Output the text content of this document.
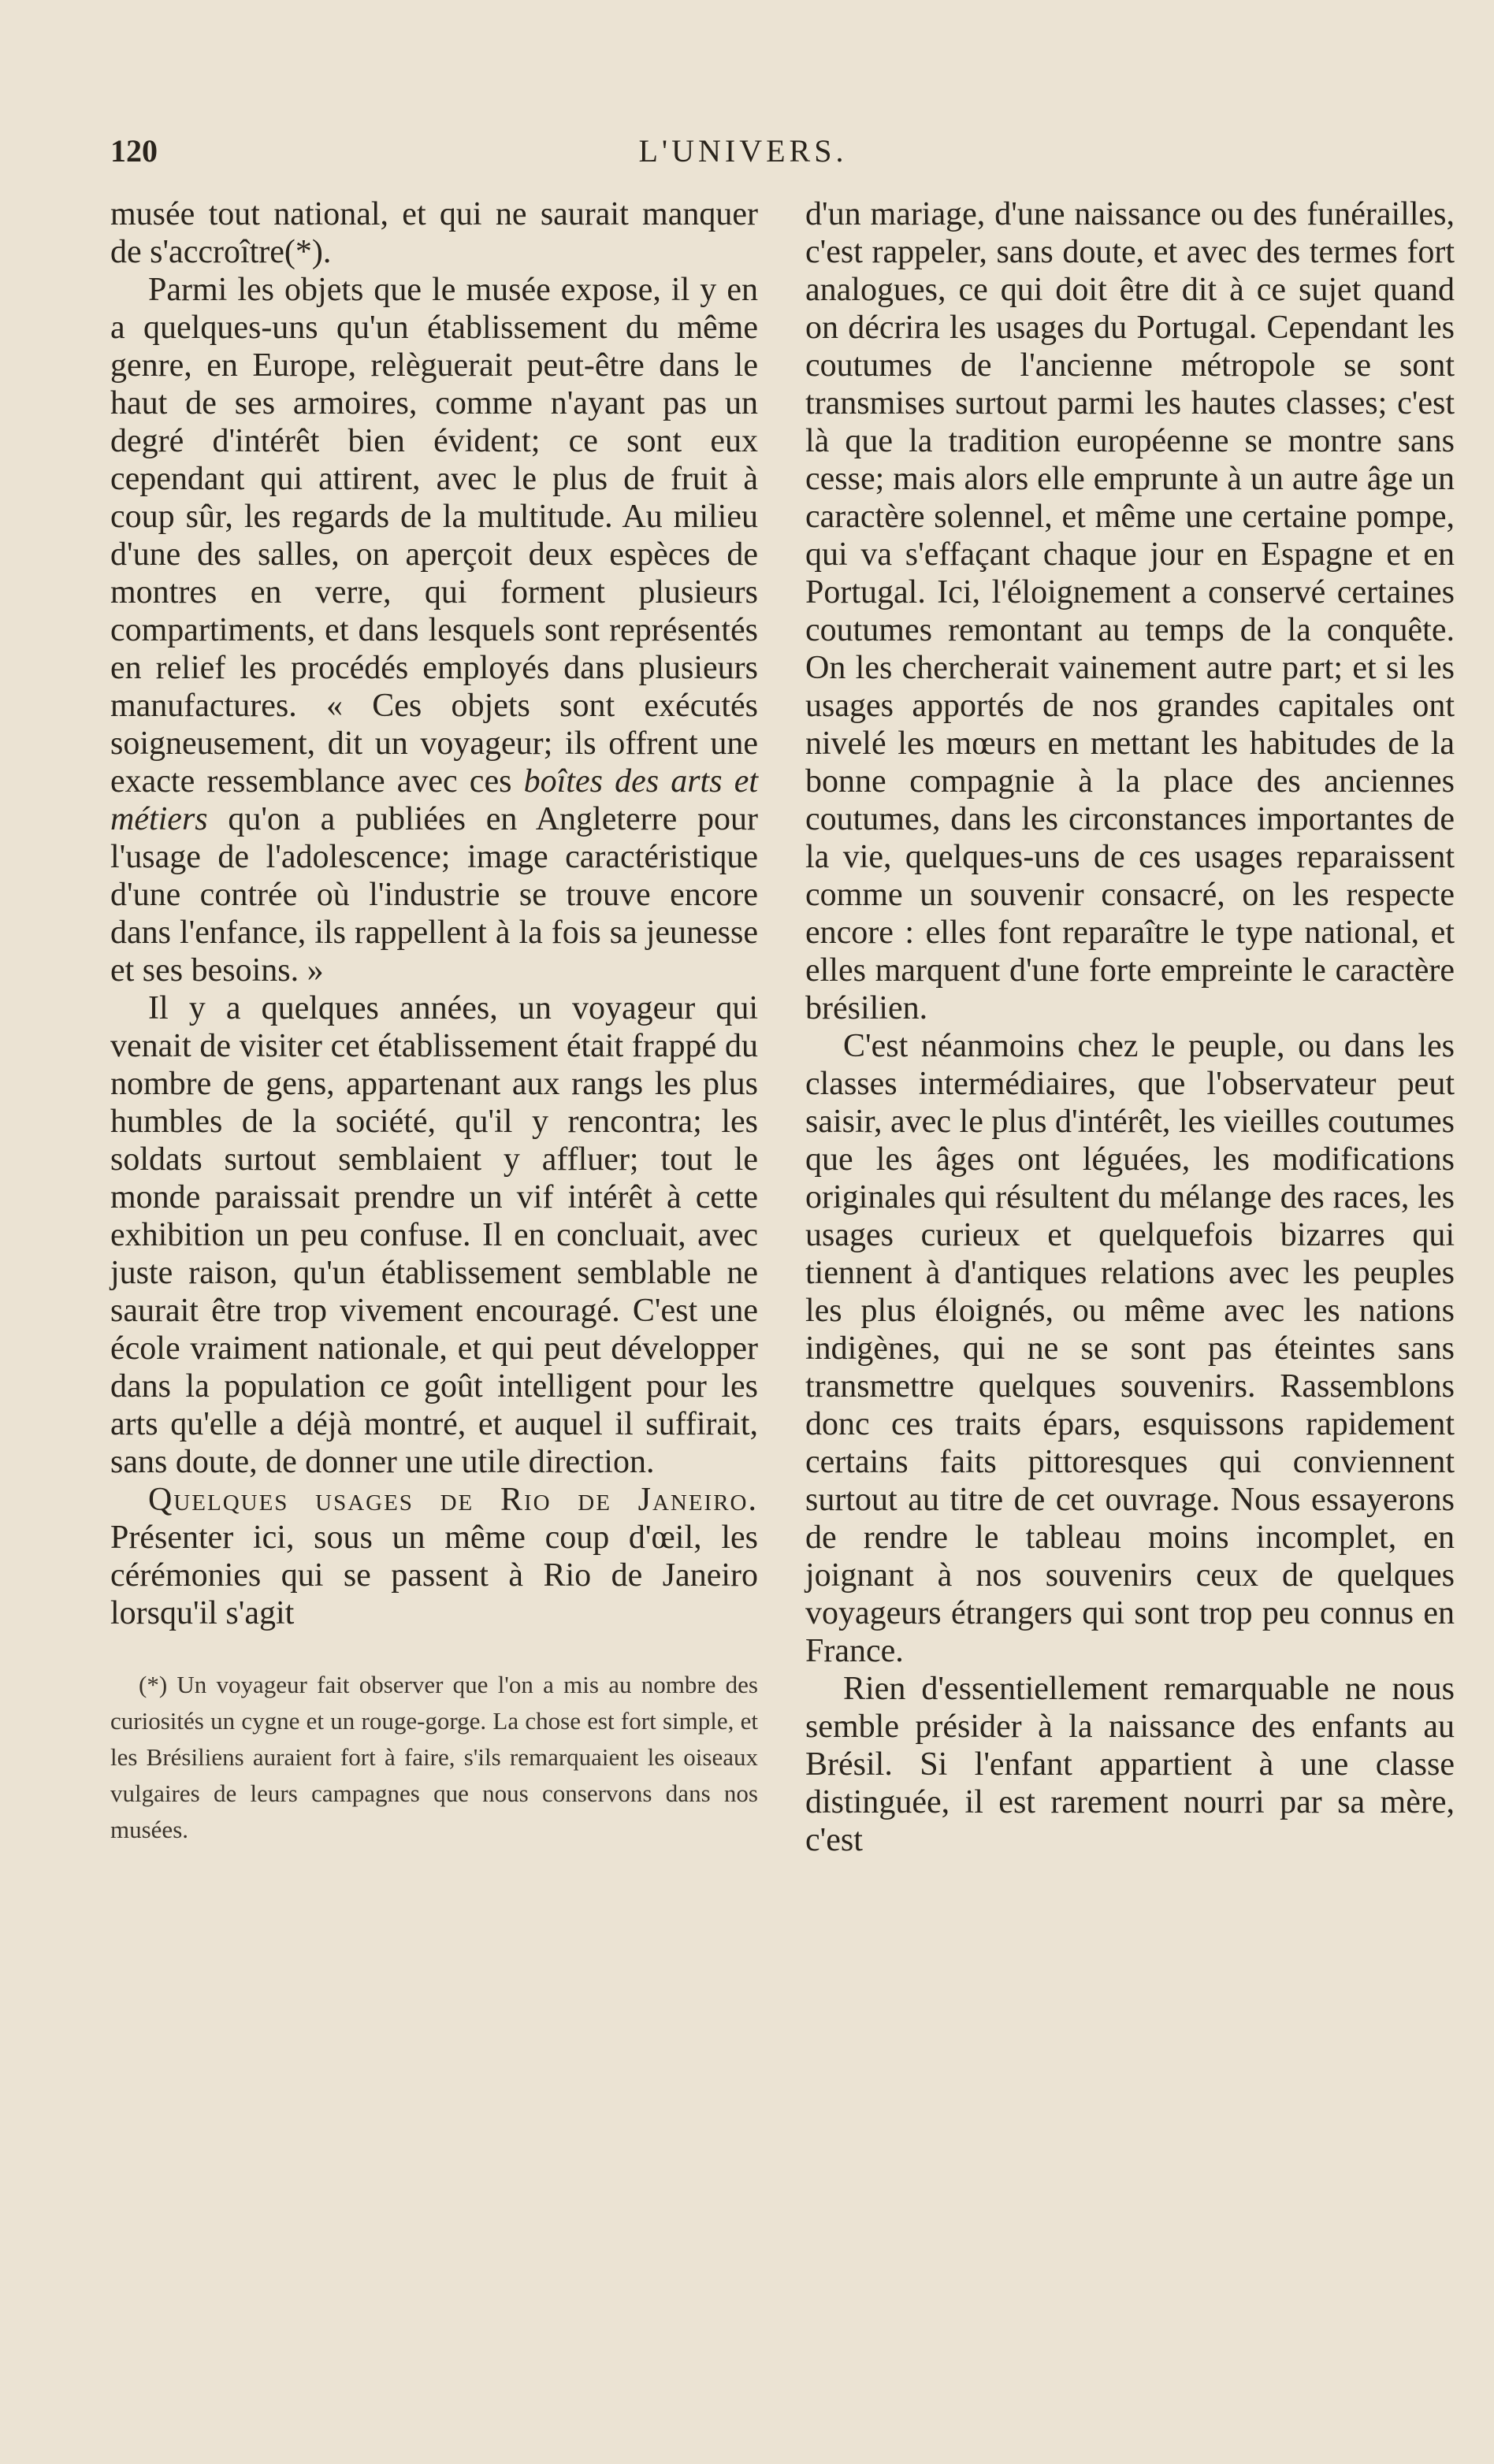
120	L'UNIVERS.

musée tout national, et qui ne saurait manquer de s'accroître(*).

Parmi les objets que le musée expose, il y en a quelques-uns qu'un établissement du même genre, en Europe, relèguerait peut-être dans le haut de ses armoires, comme n'ayant pas un degré d'intérêt bien évident; ce sont eux cependant qui attirent, avec le plus de fruit à coup sûr, les regards de la multitude. Au milieu d'une des salles, on aperçoit deux espèces de montres en verre, qui forment plusieurs compartiments, et dans lesquels sont représentés en relief les procédés employés dans plusieurs manufactures. « Ces objets sont exécutés soigneusement, dit un voyageur; ils offrent une exacte ressemblance avec ces boîtes des arts et métiers qu'on a publiées en Angleterre pour l'usage de l'adolescence; image caractéristique d'une contrée où l'industrie se trouve encore dans l'enfance, ils rappellent à la fois sa jeunesse et ses besoins. »

Il y a quelques années, un voyageur qui venait de visiter cet établissement était frappé du nombre de gens, appartenant aux rangs les plus humbles de la société, qu'il y rencontra; les soldats surtout semblaient y affluer; tout le monde paraissait prendre un vif intérêt à cette exhibition un peu confuse. Il en concluait, avec juste raison, qu'un établissement semblable ne saurait être trop vivement encouragé. C'est une école vraiment nationale, et qui peut développer dans la population ce goût intelligent pour les arts qu'elle a déjà montré, et auquel il suffirait, sans doute, de donner une utile direction.

Quelques usages de Rio de Janeiro. Présenter ici, sous un même coup d'œil, les cérémonies qui se passent à Rio de Janeiro lorsqu'il s'agit

(*) Un voyageur fait observer que l'on a mis au nombre des curiosités un cygne et un rouge-gorge. La chose est fort simple, et les Brésiliens auraient fort à faire, s'ils remarquaient les oiseaux vulgaires de leurs campagnes que nous conservons dans nos musées.

d'un mariage, d'une naissance ou des funérailles, c'est rappeler, sans doute, et avec des termes fort analogues, ce qui doit être dit à ce sujet quand on décrira les usages du Portugal. Cependant les coutumes de l'ancienne métropole se sont transmises surtout parmi les hautes classes; c'est là que la tradition européenne se montre sans cesse; mais alors elle emprunte à un autre âge un caractère solennel, et même une certaine pompe, qui va s'effaçant chaque jour en Espagne et en Portugal. Ici, l'éloignement a conservé certaines coutumes remontant au temps de la conquête. On les chercherait vainement autre part; et si les usages apportés de nos grandes capitales ont nivelé les mœurs en mettant les habitudes de la bonne compagnie à la place des anciennes coutumes, dans les circonstances importantes de la vie, quelques-uns de ces usages reparaissent comme un souvenir consacré, on les respecte encore : elles font reparaître le type national, et elles marquent d'une forte empreinte le caractère brésilien.

C'est néanmoins chez le peuple, ou dans les classes intermédiaires, que l'observateur peut saisir, avec le plus d'intérêt, les vieilles coutumes que les âges ont léguées, les modifications originales qui résultent du mélange des races, les usages curieux et quelquefois bizarres qui tiennent à d'antiques relations avec les peuples les plus éloignés, ou même avec les nations indigènes, qui ne se sont pas éteintes sans transmettre quelques souvenirs. Rassemblons donc ces traits épars, esquissons rapidement certains faits pittoresques qui conviennent surtout au titre de cet ouvrage. Nous essayerons de rendre le tableau moins incomplet, en joignant à nos souvenirs ceux de quelques voyageurs étrangers qui sont trop peu connus en France.

Rien d'essentiellement remarquable ne nous semble présider à la naissance des enfants au Brésil. Si l'enfant appartient à une classe distinguée, il est rarement nourri par sa mère, c'est
